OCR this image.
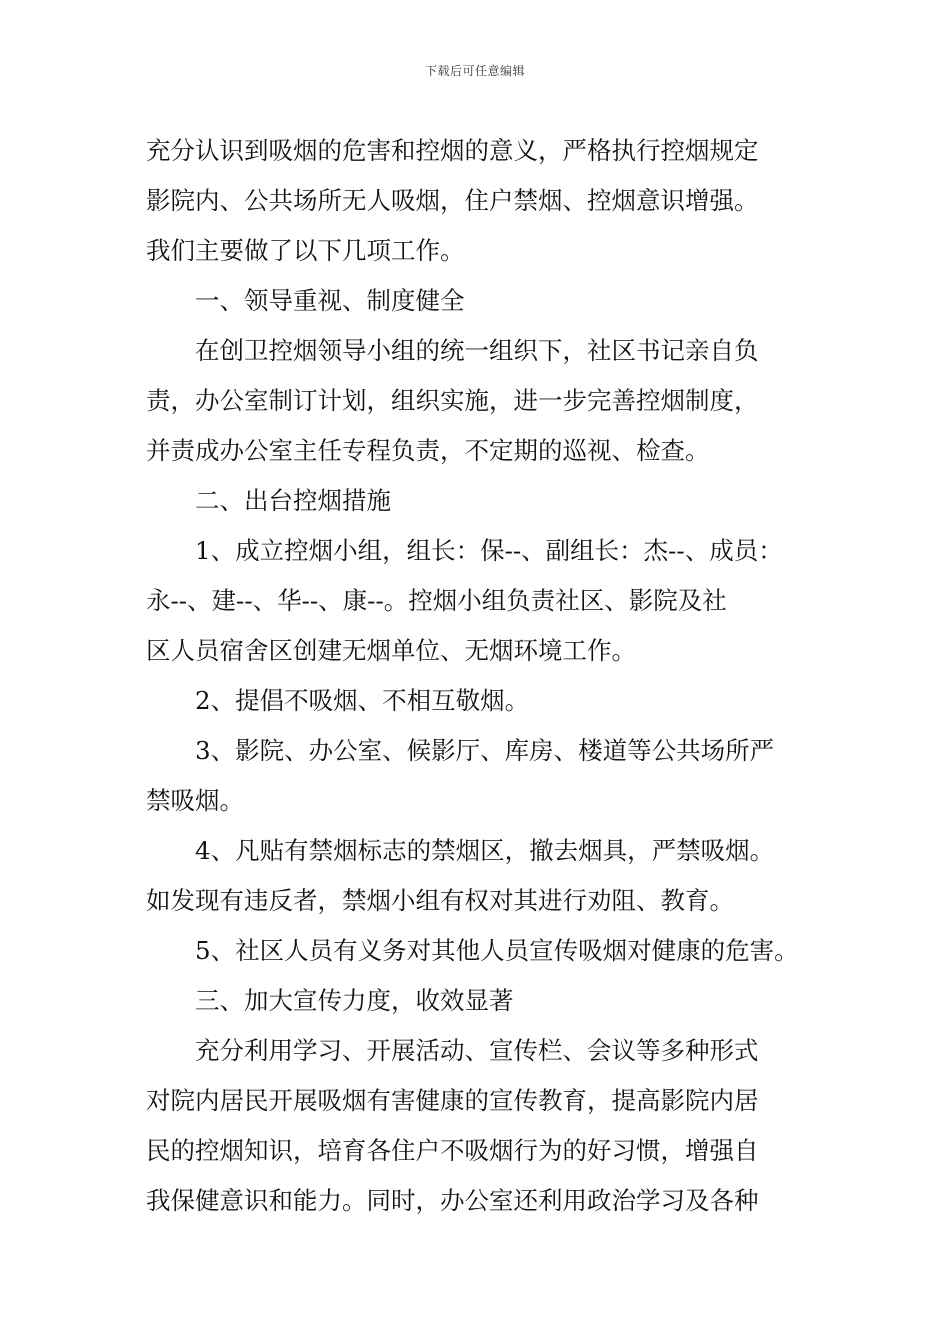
下载后可任意编辑
充分认识到吸烟的危害和控烟的意义，严格执行控烟规定
影院内、公共场所无人吸烟，住户禁烟、控烟意识增强。
我们主要做了以下几项工作。
一、领导重视、制度健全
在创卫控烟领导小组的统一组织下，社区书记亲自负
责，办公室制订计划，组织实施，进一步完善控烟制度，
并责成办公室主任专程负责，不定期的巡视、检查。
二、出台控烟措施
1、成立控烟小组，组长：保--、副组长：杰--、成员：
永--、建--、华--、康--。控烟小组负责社区、影院及社
区人员宿舍区创建无烟单位、无烟环境工作。
2、提倡不吸烟、不相互敬烟。
3、影院、办公室、候影厅、库房、楼道等公共场所严
禁吸烟。
4、凡贴有禁烟标志的禁烟区，撤去烟具，严禁吸烟。
如发现有违反者，禁烟小组有权对其进行劝阻、教育。
5、社区人员有义务对其他人员宣传吸烟对健康的危害。
三、加大宣传力度，收效显著
充分利用学习、开展活动、宣传栏、会议等多种形式
对院内居民开展吸烟有害健康的宣传教育，提高影院内居
民的控烟知识，培育各住户不吸烟行为的好习惯，增强自
我保健意识和能力。同时，办公室还利用政治学习及各种
